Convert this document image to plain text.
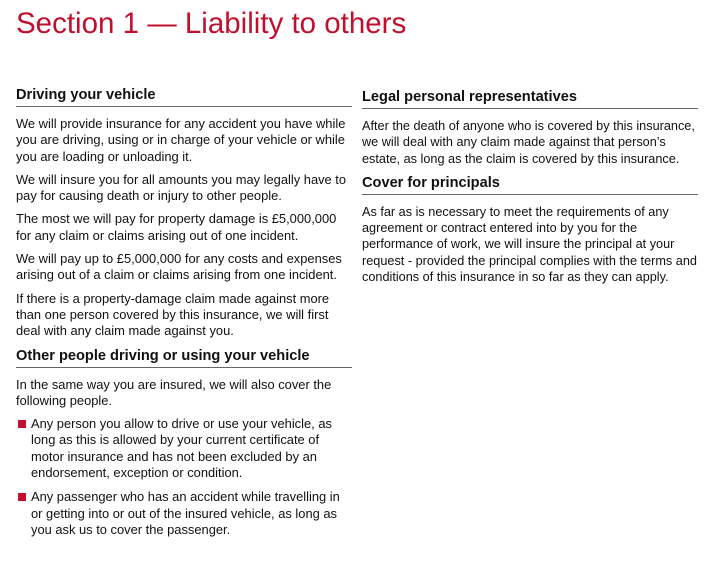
Section 1 — Liability to others
Driving your vehicle

We will provide insurance for any accident you have while you are driving, using or in charge of your vehicle or while you are loading or unloading it.

We will insure you for all amounts you may legally have to pay for causing death or injury to other people.

The most we will pay for property damage is £5,000,000 for any claim or claims arising out of one incident.

We will pay up to £5,000,000 for any costs and expenses arising out of a claim or claims arising from one incident.

If there is a property-damage claim made against more than one person covered by this insurance, we will first deal with any claim made against you.

Other people driving or using your vehicle

In the same way you are insured, we will also cover the following people.

Any person you allow to drive or use your vehicle, as long as this is allowed by your current certificate of motor insurance and has not been excluded by an endorsement, exception or condition.
Any passenger who has an accident while travelling in or getting into or out of the insured vehicle, as long as you ask us to cover the passenger.
Legal personal representatives

After the death of anyone who is covered by this insurance, we will deal with any claim made against that person’s estate, as long as the claim is covered by this insurance.

Cover for principals

As far as is necessary to meet the requirements of any agreement or contract entered into by you for the performance of work, we will insure the principal at your request - provided the principal complies with the terms and conditions of this insurance in so far as they can apply.
